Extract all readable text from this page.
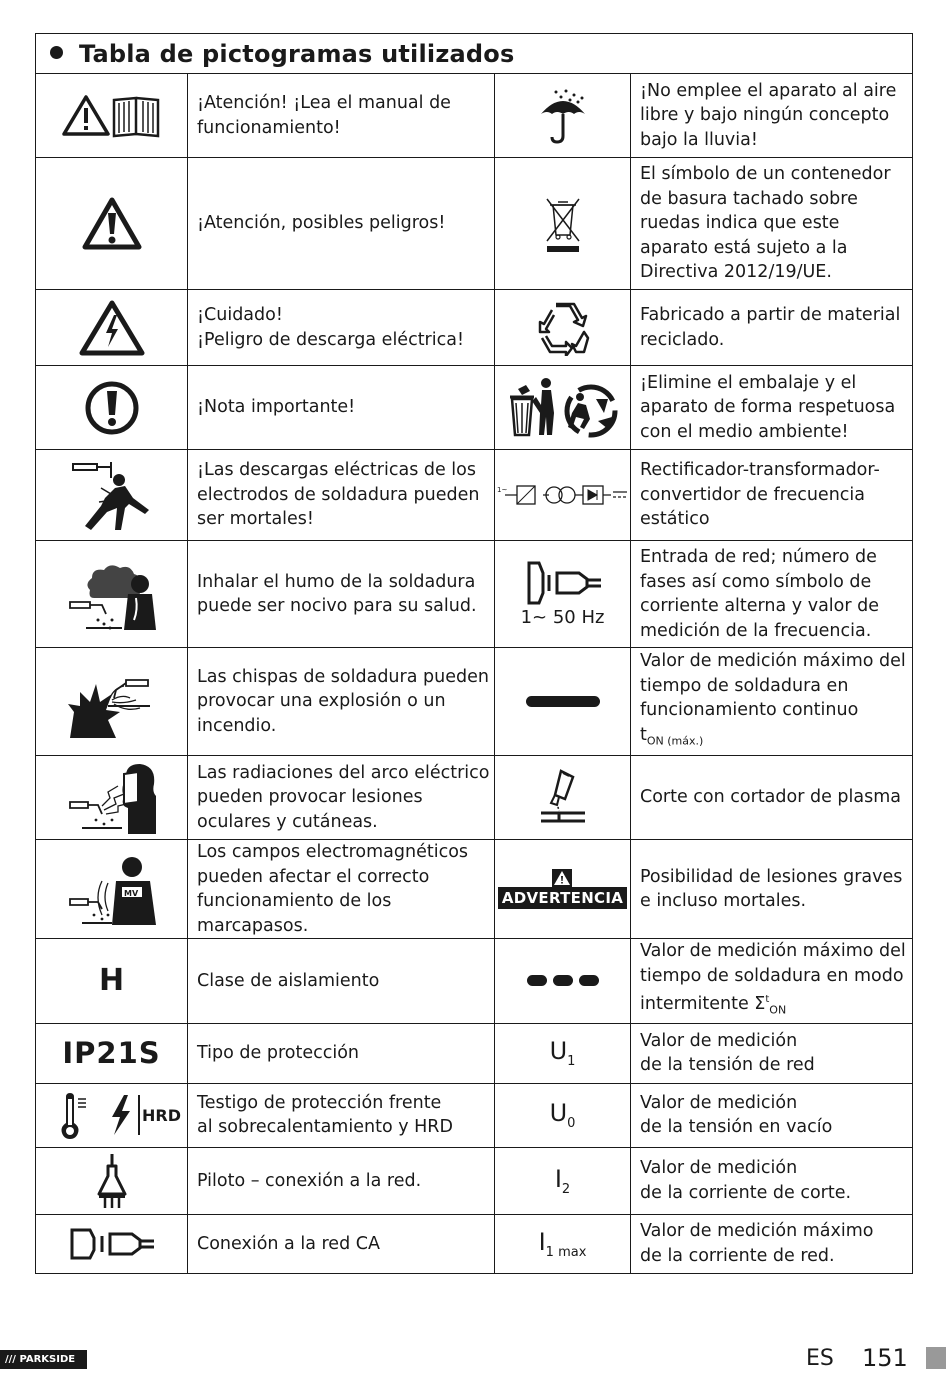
Tabla de pictogramas utilizados			

	¡Atención! ¡Lea el manual de funcionamiento!		¡No emplee el aparato al aire libre y bajo ningún concepto bajo la lluvia!

	¡Atención, posibles peligros!		El símbolo de un contenedor de basura tachado sobre ruedas indica que este aparato está sujeto a la Directiva 2012/19/UE.

	¡Cuidado!
¡Peligro de descarga eléctrica!		Fabricado a partir de material reciclado.

	¡Nota importante!		¡Elimine el embalaje y el aparato de forma respetuosa con el medio ambiente!

	¡Las descargas eléctricas de los electrodos de soldadura pueden ser mortales!	1~	Rectificador-transformador-convertidor de frecuencia estático

	Inhalar el humo de la soldadura puede ser nocivo para su salud.	1~ 50 Hz	Entrada de red; número de fases así como símbolo de corriente alterna y valor de medición de la frecuencia.

	Las chispas de soldadura pueden provocar una explosión o un incendio.		Valor de medición máximo del tiempo de soldadura en funcionamiento continuo
$t_{ON (máx.)}$

	Las radiaciones del arco eléctrico pueden provocar lesiones oculares y cutáneas.		Corte con cortador de plasma

MV	Los campos electromagnéticos pueden afectar el correcto funcionamiento de los marcapasos.	ADVERTENCIA	Posibilidad de lesiones graves e incluso mortales.
H	Clase de aislamiento		Valor de medición máximo del tiempo de soldadura en modo intermitente $\Sigma^t_{ON}$
IP21S	Tipo de protección	$U_1$	Valor de medición
de la tensión de red

HRD	Testigo de protección frente
al sobrecalentamiento y HRD	$U_0$	Valor de medición
de la tensión en vacío

	Piloto – conexión a la red.	$I_2$	Valor de medición
de la corriente de corte.

	Conexión a la red CA	$I_{1 max}$	Valor de medición máximo
de la corriente de red.
/// PARKSIDE	ES 151
